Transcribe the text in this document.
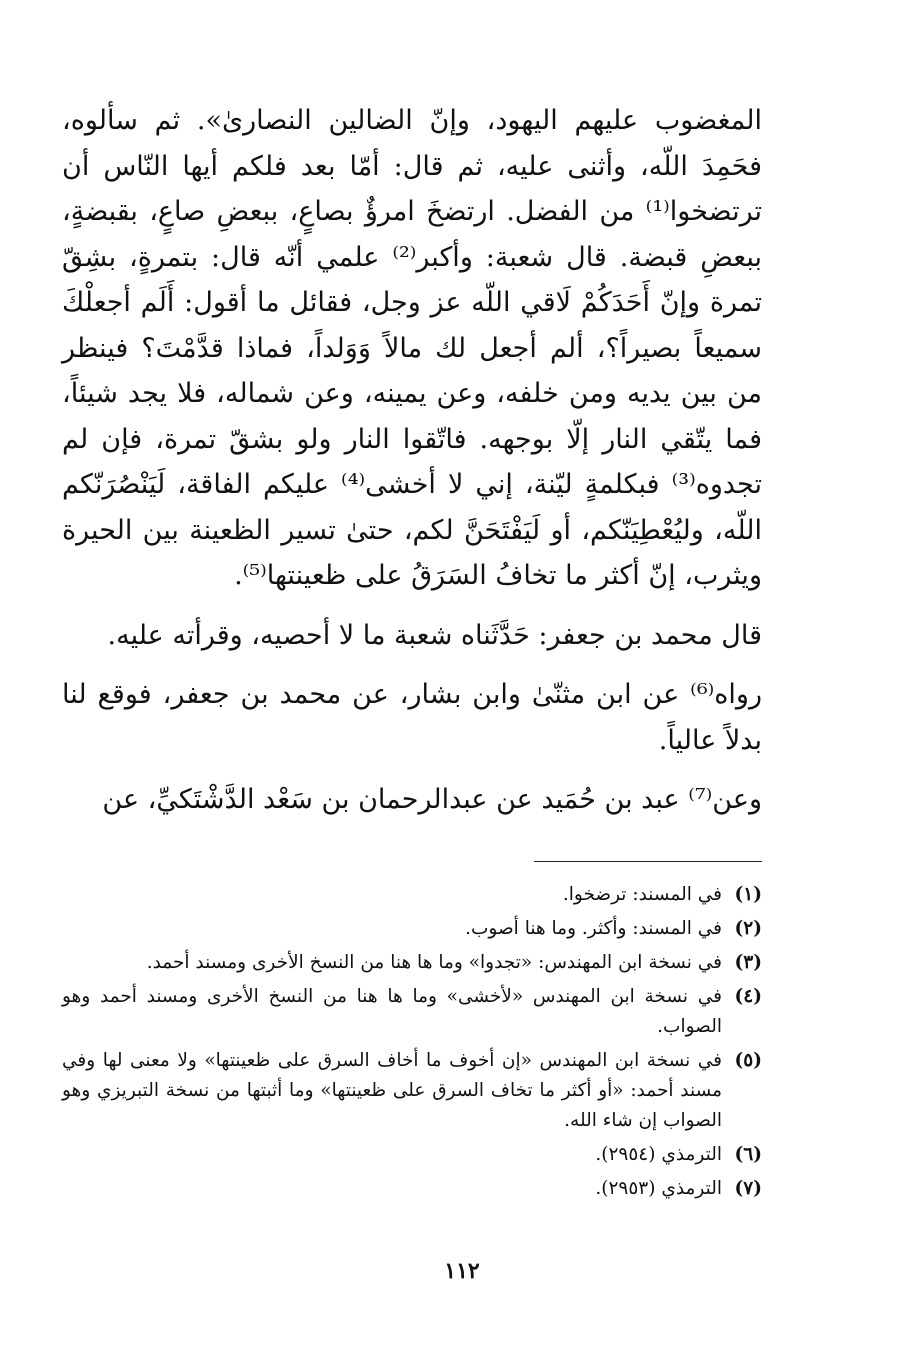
المغضوب عليهم اليهود، وإنّ الضالين النصارىٰ». ثم سألوه، فحَمِدَ اللّه، وأثنى عليه، ثم قال: أمّا بعد فلكم أيها النّاس أن ترتضخوا⁽¹⁾ من الفضل. ارتضخَ امرؤٌ بصاعٍ، ببعضِ صاعٍ، بقبضةٍ، ببعضِ قبضة. قال شعبة: وأكبر⁽²⁾ علمي أنّه قال: بتمرةٍ، بشِقّ تمرة وإنّ أَحَدَكُمْ لَاقي اللّه عز وجل، فقائل ما أقول: أَلَم أجعلْكَ سميعاً بصيراً؟، ألم أجعل لك مالاً وَوَلداً، فماذا قدَّمْتَ؟ فينظر من بين يديه ومن خلفه، وعن يمينه، وعن شماله، فلا يجد شيئاً، فما يتّقي النار إلّا بوجهه. فاتّقوا النار ولو بشقّ تمرة، فإن لم تجدوه⁽³⁾ فبكلمةٍ ليّنة، إني لا أخشى⁽⁴⁾ عليكم الفاقة، لَيَنْصُرَنّكم اللّه، وليُعْطِيَنّكم، أو لَيَفْتَحَنَّ لكم، حتىٰ تسير الظعينة بين الحيرة ويثرب، إنّ أكثر ما تخافُ السَرَقُ على ظعينتها⁽⁵⁾.

قال محمد بن جعفر: حَدَّثَناه شعبة ما لا أحصيه، وقرأته عليه.

رواه⁽⁶⁾ عن ابن مثنّىٰ وابن بشار، عن محمد بن جعفر، فوقع لنا بدلاً عالياً.

وعن⁽⁷⁾ عبد بن حُمَيد عن عبدالرحمان بن سَعْد الدَّشْتَكيِّ، عن

(١)
في المسند: ترضخوا.
(٢)
في المسند: وأكثر. وما هنا أصوب.
(٣)
في نسخة ابن المهندس: «تجدوا» وما ها هنا من النسخ الأخرى ومسند أحمد.
(٤)
في نسخة ابن المهندس «لأخشى» وما ها هنا من النسخ الأخرى ومسند أحمد وهو الصواب.
(٥)
في نسخة ابن المهندس «إن أخوف ما أخاف السرق على ظعينتها» ولا معنى لها وفي مسند أحمد: «أو أكثر ما تخاف السرق على ظعينتها» وما أثبتها من نسخة التبريزي وهو الصواب إن شاء الله.
(٦)
الترمذي (٢٩٥٤).
(٧)
الترمذي (٢٩٥٣).
١١٢
